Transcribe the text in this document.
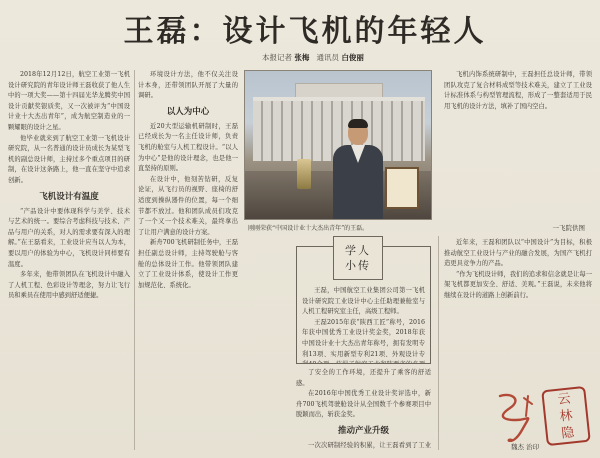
王磊：设计飞机的年轻人
本报记者 张梅 通讯员 白俊丽

2018年12月12日，航空工业第一飞机设计研究院的青年设计师王磊收获了他人生中的一项大奖——第十四届光华龙腾奖中国设计贡献奖银质奖，又一次被评为“中国设计业十大杰出青年”，成为航空制造业的一颗耀眼的设计之星。

他毕业就来到了航空工业第一飞机设计研究院，从一名普通的设计员成长为某型飞机的副总设计师，主持过多个重点项目的研制，在设计这条路上，他一直在坚守中追求创新。

飞机设计有温度

“产品设计中要体现科学与美学、技术与艺术的统一。要综合考虑科技与技术、产品与用户的关系，对人的需求要有深入的理解。”在王磊看来，工业设计应当以人为本，要以用户的体验为中心，飞机设计同样要有温度。

多年来，他带领团队在飞机设计中融入了人机工程、色彩设计等理念，努力让飞行员和乘员在使用中感到舒适便捷。

环境设计方法，他不仅关注设计本身，还带领团队开展了大量的调研。

以人为中心

近20大型运输机研制时，王磊已经成长为一名主任设计师，负责飞机的舱室与人机工程设计。“以人为中心”是他的设计理念，也是他一直坚持的原则。

在设计中，他刻苦钻研，反复论证，从飞行员的视野、座椅的舒适度到操纵器件的位置，每一个细节都不放过。他和团队成员们攻克了一个又一个技术难关，最终拿出了让用户满意的设计方案。

新舟700飞机研制任务中，王磊担任副总设计师，主持驾驶舱与客舱的总体设计工作。他带领团队建立了工业设计体系，使设计工作更加规范化、系统化。

刚刚荣获“中国设计业十大杰出青年”的王磊。	一飞院供图

王磊，中国航空工业集团公司第一飞机设计研究院工业设计中心主任助理兼舱室与人机工程研究室主任，高级工程师。

王磊2015年获“陕西工匠”称号，2016年获中国优秀工业设计奖金奖，2018年获中国设计业十大杰出青年称号，拥有发明专利13项、实用新型专利21项、外观设计专

学人
小传

了安全的工作环境，还提升了乘客的舒适感。

在2016年中国优秀工业设计奖评选中，新舟700飞机驾驶舱设计从全国数千个参赛项目中脱颖而出，斩获金奖。

推动产业升级

一次次研制经验的积累，让王磊看到了工业

飞机内饰系统研制中，王磊担任总设计师，带领团队攻克了复合材料成型等技术难关，建立了工业设计标准体系与构型管理流程，形成了一整套适用于民用飞机的设计方法，填补了国内空白。

近年来，王磊和团队以“中国设计”为目标，积极推动航空工业设计与产业的融合发展，为国产飞机打造更具竞争力的产品。

“作为飞机设计师，我们的追求和信念就是让每一架飞机都更加安全、舒适、美观。”王磊说，未来他将继续在设计的道路上创新前行。

云
林
隐
魏杰 治印
